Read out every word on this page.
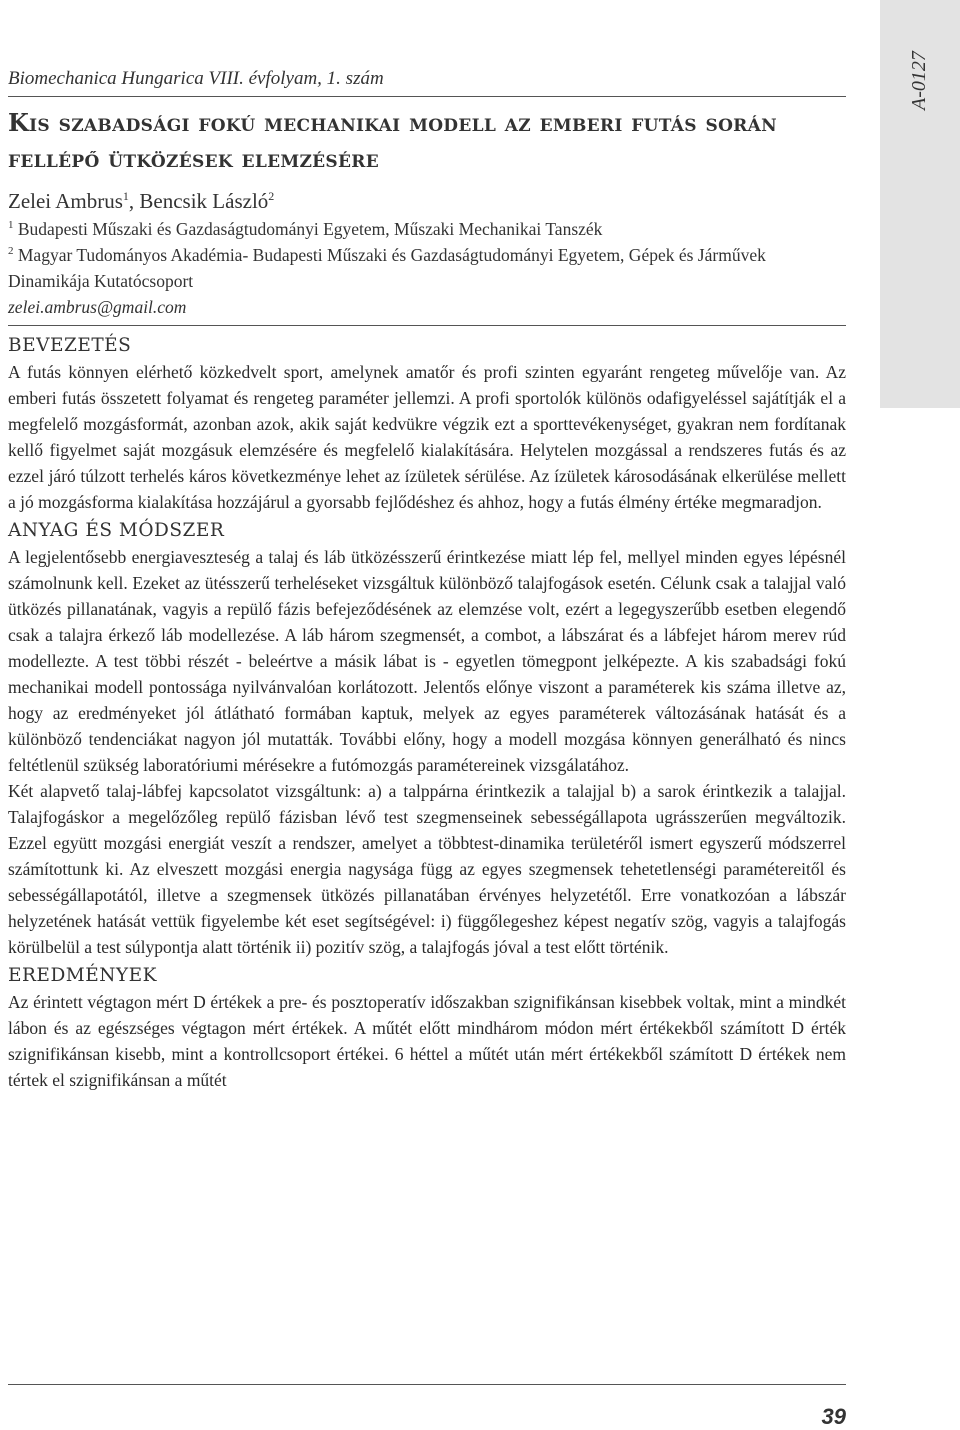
A-0127
Biomechanica Hungarica VIII. évfolyam, 1. szám
Kis szabadsági fokú mechanikai modell az emberi futás során fellépő ütközések elemzésére
Zelei Ambrus$^1$, Bencsik László$^2$
$^1$ Budapesti Műszaki és Gazdaságtudományi Egyetem, Műszaki Mechanikai Tanszék
$^2$ Magyar Tudományos Akadémia- Budapesti Műszaki és Gazdaságtudományi Egyetem, Gépek és Járművek Dinamikája Kutatócsoport
zelei.ambrus@gmail.com
BEVEZETÉS

A futás könnyen elérhető közkedvelt sport, amelynek amatőr és profi szinten egyaránt rengeteg művelője van. Az emberi futás összetett folyamat és rengeteg paraméter jellemzi. A profi sportolók különös odafigyeléssel sajátítják el a megfelelő mozgásformát, azonban azok, akik saját kedvükre végzik ezt a sporttevékenységet, gyakran nem fordítanak kellő figyelmet saját mozgásuk elemzésére és megfelelő kialakítására. Helytelen mozgással a rendszeres futás és az ezzel járó túlzott terhelés káros következménye lehet az ízületek sérülése. Az ízületek károsodásának elkerülése mellett a jó mozgásforma kialakítása hozzájárul a gyorsabb fejlődéshez és ahhoz, hogy a futás élmény értéke megmaradjon.

ANYAG ÉS MÓDSZER

A legjelentősebb energiaveszteség a talaj és láb ütközésszerű érintkezése miatt lép fel, mellyel minden egyes lépésnél számolnunk kell. Ezeket az ütésszerű terheléseket vizsgáltuk különböző talajfogások esetén. Célunk csak a talajjal való ütközés pillanatának, vagyis a repülő fázis befejeződésének az elemzése volt, ezért a legegyszerűbb esetben elegendő csak a talajra érkező láb modellezése. A láb három szegmensét, a combot, a lábszárat és a lábfejet három merev rúd modellezte. A test többi részét - beleértve a másik lábat is - egyetlen tömegpont jelképezte. A kis szabadsági fokú mechanikai modell pontossága nyilvánvalóan korlátozott. Jelentős előnye viszont a paraméterek kis száma illetve az, hogy az eredményeket jól átlátható formában kaptuk, melyek az egyes paraméterek változásának hatását és a különböző tendenciákat nagyon jól mutatták. További előny, hogy a modell mozgása könnyen generálható és nincs feltétlenül szükség laboratóriumi mérésekre a futómozgás paramétereinek vizsgálatához.

Két alapvető talaj-lábfej kapcsolatot vizsgáltunk: a) a talppárna érintkezik a talajjal b) a sarok érintkezik a talajjal. Talajfogáskor a megelőzőleg repülő fázisban lévő test szegmenseinek sebességállapota ugrásszerűen megváltozik. Ezzel együtt mozgási energiát veszít a rendszer, amelyet a többtest-dinamika területéről ismert egyszerű módszerrel számítottunk ki. Az elveszett mozgási energia nagysága függ az egyes szegmensek tehetetlenségi paramétereitől és sebességállapotától, illetve a szegmensek ütközés pillanatában érvényes helyzetétől. Erre vonatkozóan a lábszár helyzetének hatását vettük figyelembe két eset segítségével: i) függőlegeshez képest negatív szög, vagyis a talajfogás körülbelül a test súlypontja alatt történik ii) pozitív szög, a talajfogás jóval a test előtt történik.

EREDMÉNYEK

Az érintett végtagon mért D értékek a pre- és posztoperatív időszakban szignifikánsan kisebbek voltak, mint a mindkét lábon és az egészséges végtagon mért értékek. A műtét előtt mindhárom módon mért értékekből számított D érték szignifikánsan kisebb, mint a kontrollcsoport értékei. 6 héttel a műtét után mért értékekből számított D értékek nem tértek el szignifikánsan a műtét

39
